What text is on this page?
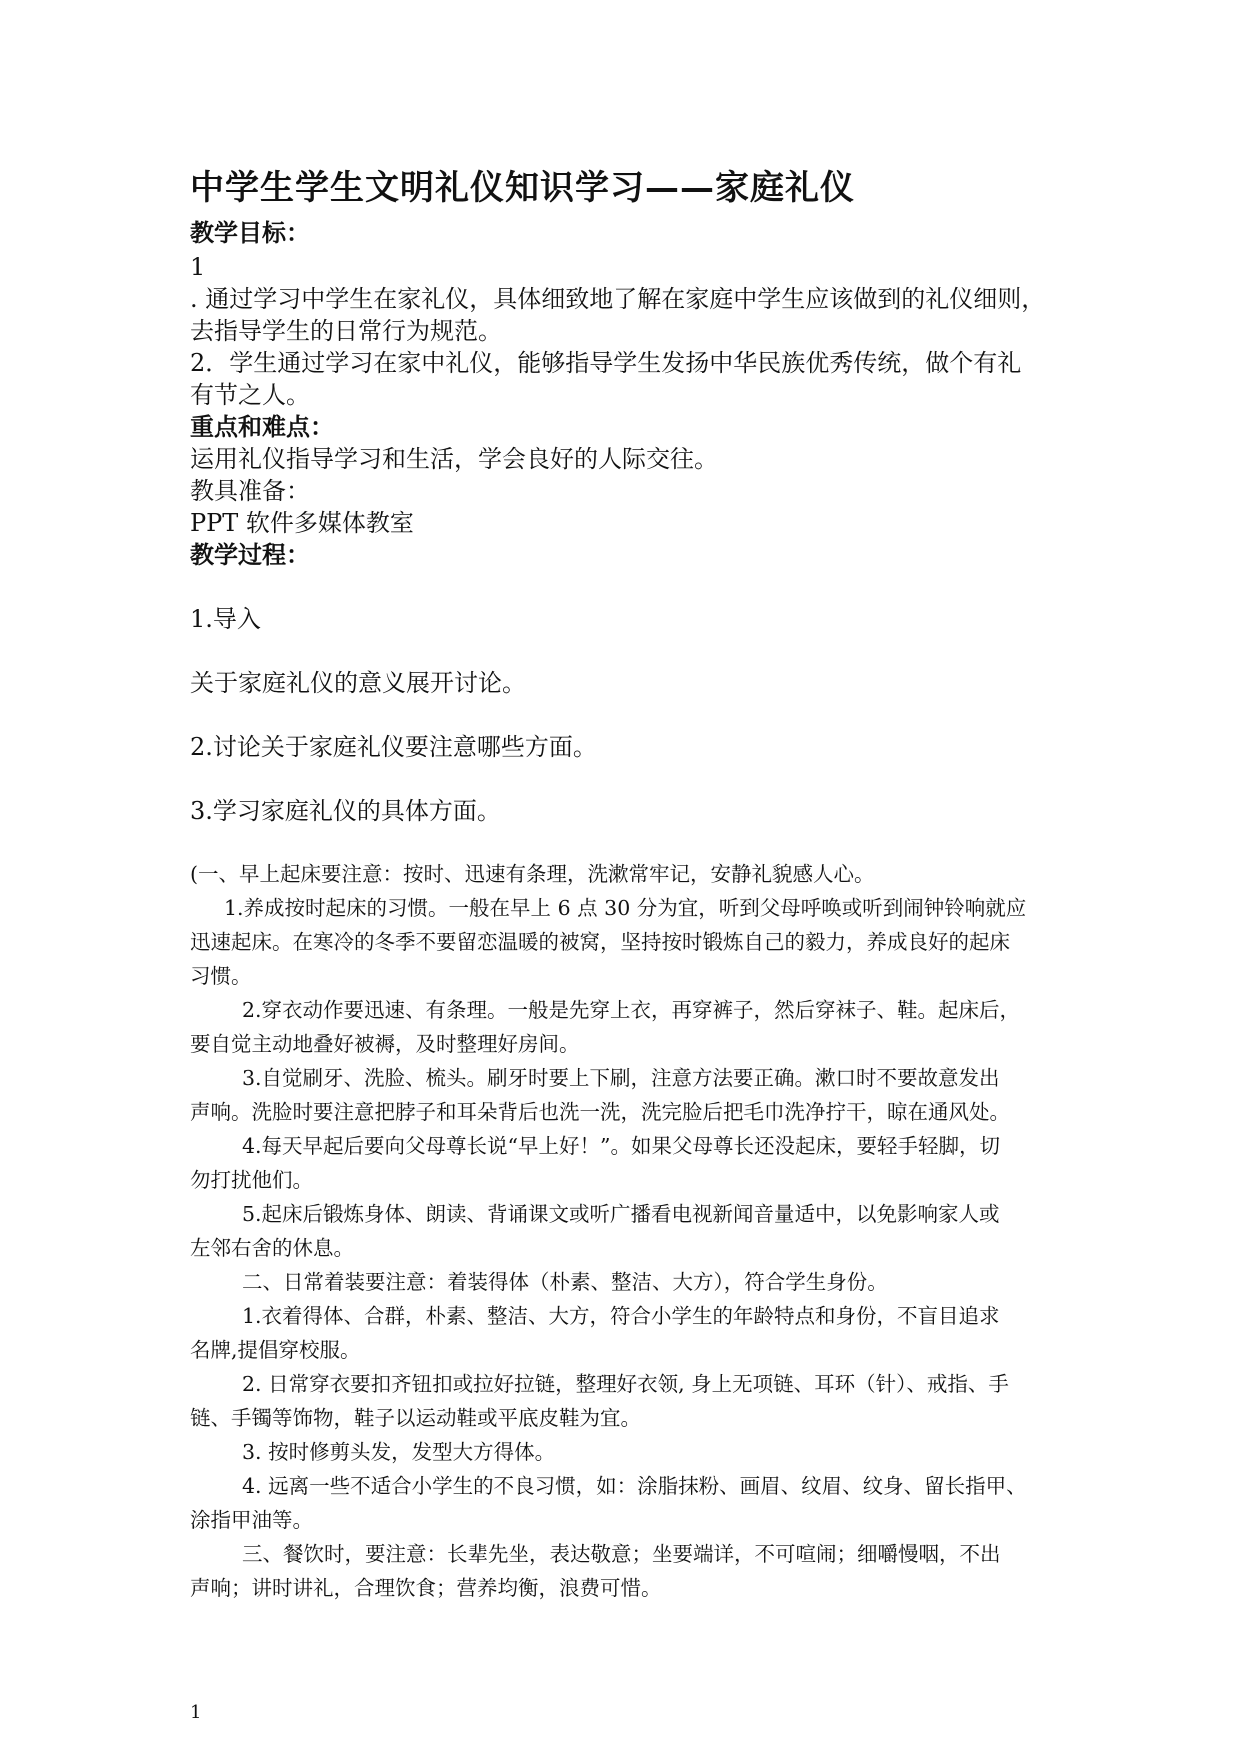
中学生学生文明礼仪知识学习——家庭礼仪
教学目标：
1
. 通过学习中学生在家礼仪，具体细致地了解在家庭中学生应该做到的礼仪细则，
去指导学生的日常行为规范。
2．学生通过学习在家中礼仪，能够指导学生发扬中华民族优秀传统，做个有礼
有节之人。
重点和难点：
运用礼仪指导学习和生活，学会良好的人际交往。
教具准备：
PPT 软件多媒体教室
教学过程：
1.导入
关于家庭礼仪的意义展开讨论。
2.讨论关于家庭礼仪要注意哪些方面。
3.学习家庭礼仪的具体方面。
(一、早上起床要注意：按时、迅速有条理，洗漱常牢记，安静礼貌感人心。
1.养成按时起床的习惯。一般在早上 6 点 30 分为宜，听到父母呼唤或听到闹钟铃响就应
迅速起床。在寒冷的冬季不要留恋温暖的被窝，坚持按时锻炼自己的毅力，养成良好的起床
习惯。
2.穿衣动作要迅速、有条理。一般是先穿上衣，再穿裤子，然后穿袜子、鞋。起床后，
要自觉主动地叠好被褥，及时整理好房间。
3.自觉刷牙、洗脸、梳头。刷牙时要上下刷，注意方法要正确。漱口时不要故意发出
声响。洗脸时要注意把脖子和耳朵背后也洗一洗，洗完脸后把毛巾洗净拧干，晾在通风处。
4.每天早起后要向父母尊长说“早上好！”。如果父母尊长还没起床，要轻手轻脚，切
勿打扰他们。
5.起床后锻炼身体、朗读、背诵课文或听广播看电视新闻音量适中，以免影响家人或
左邻右舍的休息。
二、日常着装要注意：着装得体（朴素、整洁、大方），符合学生身份。
1.衣着得体、合群，朴素、整洁、大方，符合小学生的年龄特点和身份，不盲目追求
名牌,提倡穿校服。
2. 日常穿衣要扣齐钮扣或拉好拉链，整理好衣领, 身上无项链、耳环（针）、戒指、手
链、手镯等饰物，鞋子以运动鞋或平底皮鞋为宜。
3. 按时修剪头发，发型大方得体。
4. 远离一些不适合小学生的不良习惯，如：涂脂抹粉、画眉、纹眉、纹身、留长指甲、
涂指甲油等。
三、餐饮时，要注意：长辈先坐，表达敬意；坐要端详，不可喧闹；细嚼慢咽，不出
声响；讲时讲礼，合理饮食；营养均衡，浪费可惜。
1
